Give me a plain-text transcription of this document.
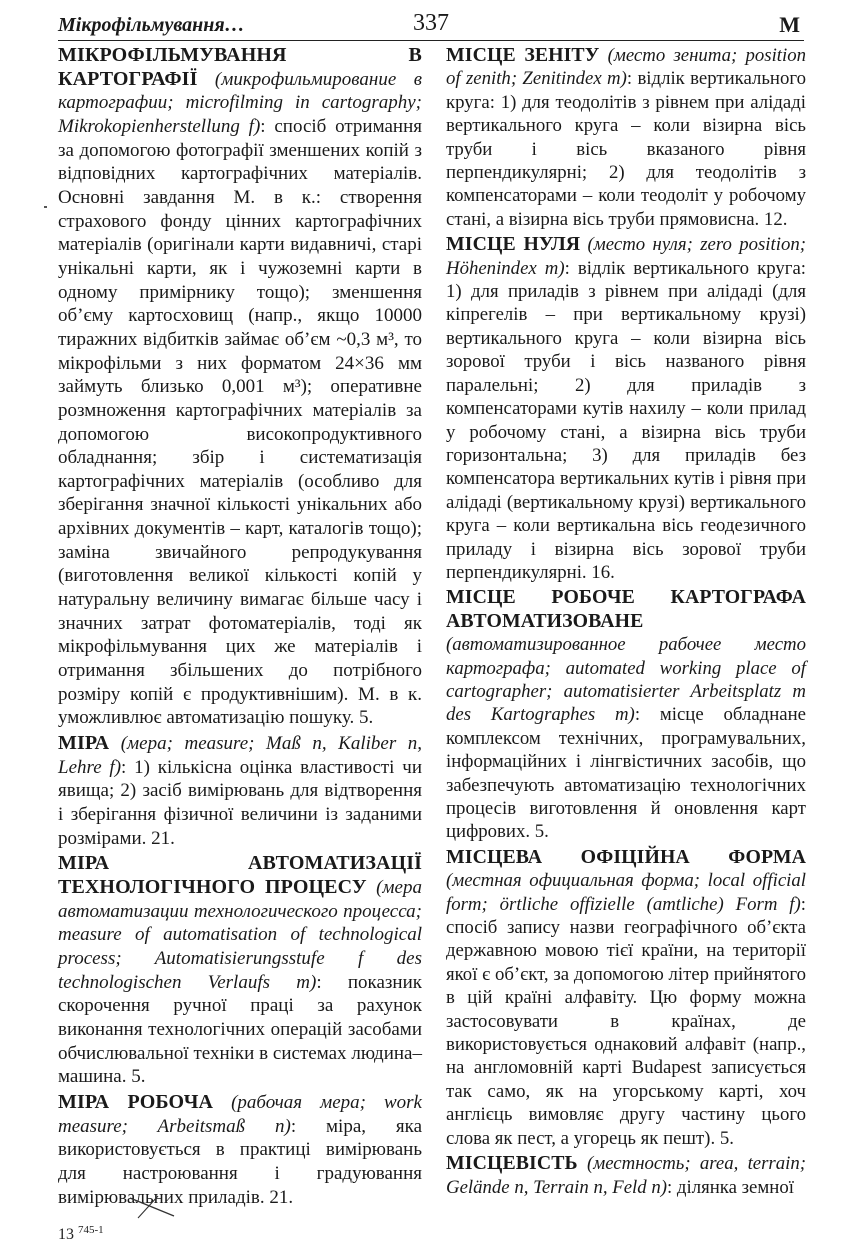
Мікрофільмування…	337	М

МІКРОФІЛЬМУВАННЯ В КАРТОГРАФІЇ (микрофильмирование в картографии; microfilming in cartography; Mikrokopienherstellung f): спосіб отримання за допомогою фотографії зменшених копій з відповідних картографічних матеріалів. Основні завдання М. в к.: створення страхового фонду цінних картографічних матеріалів (оригінали карти видавничі, старі унікальні карти, як і чужоземні карти в одному примірнику тощо); зменшення об’єму картосховищ (напр., якщо 10000 тиражних відбитків займає об’єм ~0,3 м³, то мікрофільми з них форматом 24×36 мм займуть близько 0,001 м³); оперативне розмноження картографічних матеріалів за допомогою високопродуктивного обладнання; збір і систематизація картографічних матеріалів (особливо для зберігання значної кількості унікальних або архівних документів – карт, каталогів тощо); заміна звичайного репродукування (виготовлення великої кількості копій у натуральну величину вимагає більше часу і значних затрат фотоматеріалів, тоді як мікрофільмування цих же матеріалів і отримання збільшених до потрібного розміру копій є продуктивнішим). М. в к. уможливлює автоматизацію пошуку. 5.

МІРА (мера; measure; Maß n, Kaliber n, Lehre f): 1) кількісна оцінка властивості чи явища; 2) засіб вимірювань для відтворення і зберігання фізичної величини із заданими розмірами. 21.

МІРА АВТОМАТИЗАЦІЇ ТЕХНОЛОГІЧНОГО ПРОЦЕСУ (мера автоматизации технологического процесса; measure of automatisation of technological process; Automatisierungsstufe f des technologischen Verlaufs m): показник скорочення ручної праці за рахунок виконання технологічних операцій засобами обчислювальної техніки в системах людина–машина. 5.

МІРА РОБОЧА (рабочая мера; work measure; Arbeitsmaß n): міра, яка використовується в практиці вимірювань для настроювання і градуювання вимірювальних приладів. 21.

МІСЦЕ ЗЕНІТУ (место зенита; position of zenith; Zenitindex m): відлік вертикального круга: 1) для теодолітів з рівнем при алідаді вертикального круга – коли візирна вісь труби і вісь вказаного рівня перпендикулярні; 2) для теодолітів з компенсаторами – коли теодоліт у робочому стані, а візирна вісь труби прямовисна. 12.

МІСЦЕ НУЛЯ (место нуля; zero position; Höhenindex m): відлік вертикального круга: 1) для приладів з рівнем при алідаді (для кіпрегелів – при вертикальному крузі) вертикального круга – коли візирна вісь зорової труби і вісь названого рівня паралельні; 2) для приладів з компенсаторами кутів нахилу – коли прилад у робочому стані, а візирна вісь труби горизонтальна; 3) для приладів без компенсатора вертикальних кутів і рівня при алідаді (вертикальному крузі) вертикального круга – коли вертикальна вісь геодезичного приладу і візирна вісь зорової труби перпендикулярні. 16.

МІСЦЕ РОБОЧЕ КАРТОГРАФА АВТОМАТИЗОВАНЕ (автоматизированное рабочее место картографа; automated working place of cartographer; automatisierter Arbeitsplatz m des Kartographes m): місце обладнане комплексом технічних, програмувальних, інформаційних і лінгвістичних засобів, що забезпечують автоматизацію технологічних процесів виготовлення й оновлення карт цифрових. 5.

МІСЦЕВА ОФІЦІЙНА ФОРМА (местная официальная форма; local official form; örtliche offizielle (amtliche) Form f): спосіб запису назви географічного об’єкта державною мовою тієї країни, на території якої є об’єкт, за допомогою літер прийнятого в цій країні алфавіту. Цю форму можна застосовувати в країнах, де використовується однаковий алфавіт (напр., на англомовній карті Budapest записується так само, як на угорському карті, хоч англієць вимовляє другу частину цього слова як пест, а угорець як пешт). 5.

МІСЦЕВІСТЬ (местность; area, terrain; Gelände n, Terrain n, Feld n): ділянка земної

13 $^{745-1}$
